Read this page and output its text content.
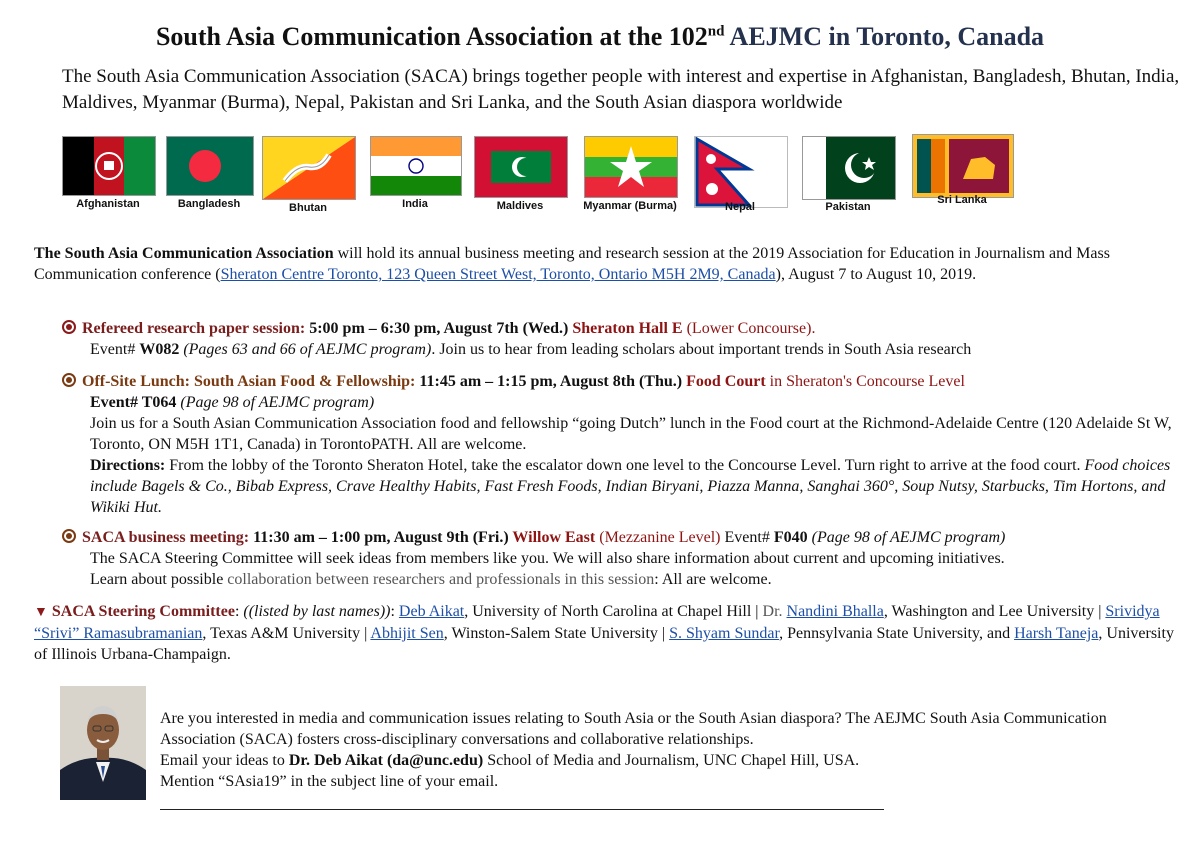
South Asia Communication Association at the 102nd AEJMC in Toronto, Canada
The South Asia Communication Association (SACA) brings together people with interest and expertise in Afghanistan, Bangladesh, Bhutan, India, Maldives, Myanmar (Burma), Nepal, Pakistan and Sri Lanka, and the South Asian diaspora worldwide
Afghanistan	Bangladesh	Bhutan	India	Maldives	Myanmar (Burma)	Nepal	Pakistan
Sri Lanka
The South Asia Communication Association will hold its annual business meeting and research session at the 2019 Association for Education in Journalism and Mass Communication conference (Sheraton Centre Toronto, 123 Queen Street West, Toronto, Ontario M5H 2M9, Canada), August 7 to August 10, 2019.
Refereed research paper session: 5:00 pm – 6:30 pm, August 7th (Wed.) Sheraton Hall E (Lower Concourse).
Event# W082 (Pages 63 and 66 of AEJMC program). Join us to hear from leading scholars about important trends in South Asia research
Off-Site Lunch: South Asian Food & Fellowship: 11:45 am – 1:15 pm, August 8th (Thu.) Food Court in Sheraton's Concourse Level
Event# T064 (Page 98 of AEJMC program)
Join us for a South Asian Communication Association food and fellowship “going Dutch” lunch in the Food court at the Richmond-Adelaide Centre (120 Adelaide St W, Toronto, ON M5H 1T1, Canada) in TorontoPATH. All are welcome.
Directions: From the lobby of the Toronto Sheraton Hotel, take the escalator down one level to the Concourse Level. Turn right to arrive at the food court. Food choices include Bagels & Co., Bibab Express, Crave Healthy Habits, Fast Fresh Foods, Indian Biryani, Piazza Manna, Sanghai 360°, Soup Nutsy, Starbucks, Tim Hortons, and Wikiki Hut.
SACA business meeting: 11:30 am – 1:00 pm, August 9th (Fri.) Willow East (Mezzanine Level) Event# F040 (Page 98 of AEJMC program)
The SACA Steering Committee will seek ideas from members like you. We will also share information about current and upcoming initiatives.
Learn about possible collaboration between researchers and professionals in this session: All are welcome.
▼ SACA Steering Committee: ((listed by last names)): Deb Aikat, University of North Carolina at Chapel Hill | Dr. Nandini Bhalla, Washington and Lee University | Srividya “Srivi” Ramasubramanian, Texas A&M University | Abhijit Sen, Winston-Salem State University | S. Shyam Sundar, Pennsylvania State University, and Harsh Taneja, University of Illinois Urbana-Champaign.
Are you interested in media and communication issues relating to South Asia or the South Asian diaspora? The AEJMC South Asia Communication Association (SACA) fosters cross-disciplinary conversations and collaborative relationships.
Email your ideas to Dr. Deb Aikat (da@unc.edu) School of Media and Journalism, UNC Chapel Hill, USA.
Mention “SAsia19” in the subject line of your email.
